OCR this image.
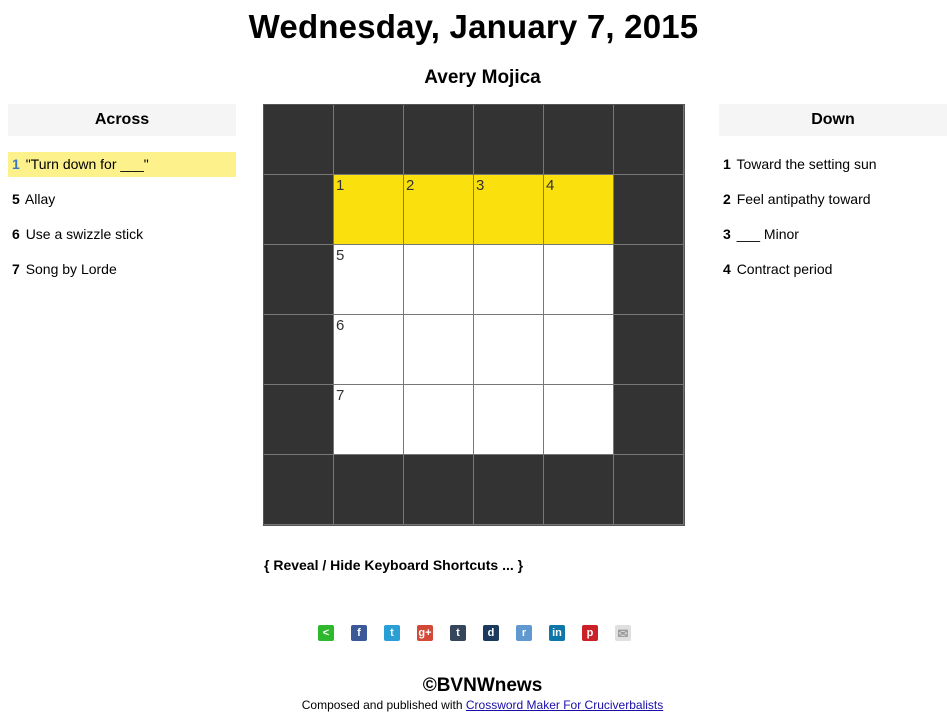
Wednesday, January 7, 2015
Avery Mojica
Across
1 "Turn down for ___"
5 Allay
6 Use a swizzle stick
7 Song by Lorde
1	2	3	4
5
6
7
Down
1 Toward the setting sun
2 Feel antipathy toward
3 ___ Minor
4 Contract period
{ Reveal / Hide Keyboard Shortcuts ... }
<	f	t	g+	t	d	r	in	p	✉
©BVNWnews
Composed and published with Crossword Maker For Cruciverbalists
